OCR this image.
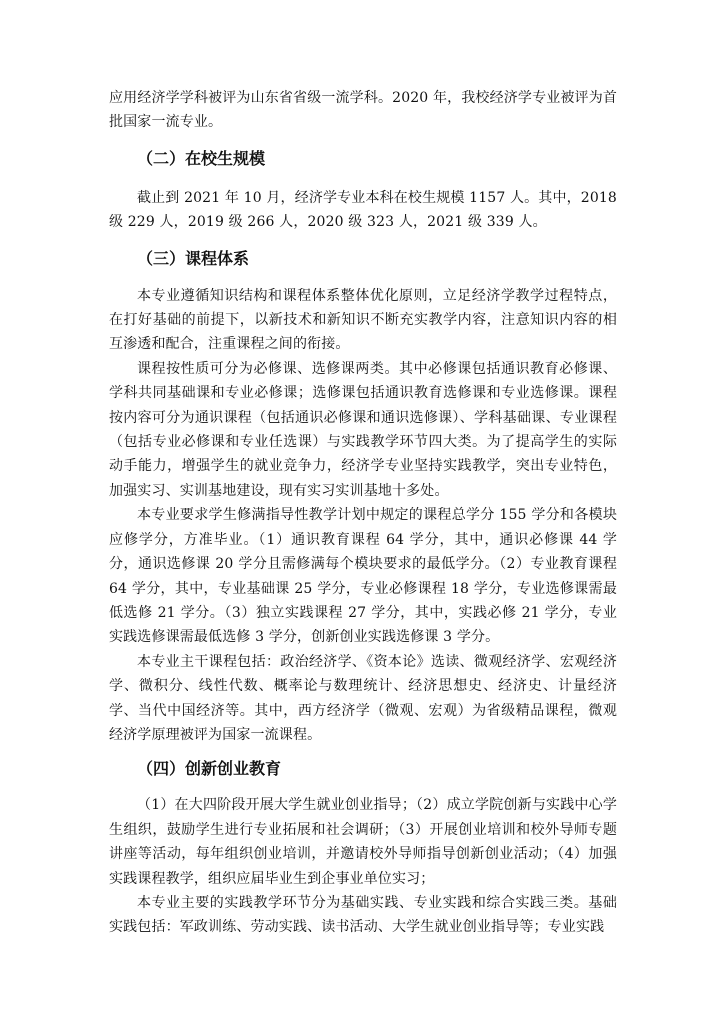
应用经济学学科被评为山东省省级一流学科。2020 年，我校经济学专业被评为首批国家一流专业。

（二）在校生规模

截止到 2021 年 10 月，经济学专业本科在校生规模 1157 人。其中，2018 级 229 人，2019 级 266 人，2020 级 323 人，2021 级 339 人。

（三）课程体系

本专业遵循知识结构和课程体系整体优化原则，立足经济学教学过程特点，在打好基础的前提下，以新技术和新知识不断充实教学内容，注意知识内容的相互渗透和配合，注重课程之间的衔接。

课程按性质可分为必修课、选修课两类。其中必修课包括通识教育必修课、学科共同基础课和专业必修课；选修课包括通识教育选修课和专业选修课。课程按内容可分为通识课程（包括通识必修课和通识选修课）、学科基础课、专业课程（包括专业必修课和专业任选课）与实践教学环节四大类。为了提高学生的实际动手能力，增强学生的就业竞争力，经济学专业坚持实践教学，突出专业特色，加强实习、实训基地建设，现有实习实训基地十多处。

本专业要求学生修满指导性教学计划中规定的课程总学分 155 学分和各模块应修学分，方准毕业。（1）通识教育课程 64 学分，其中，通识必修课 44 学分，通识选修课 20 学分且需修满每个模块要求的最低学分。（2）专业教育课程 64 学分，其中，专业基础课 25 学分，专业必修课程 18 学分，专业选修课需最低选修 21 学分。（3）独立实践课程 27 学分，其中，实践必修 21 学分，专业实践选修课需最低选修 3 学分，创新创业实践选修课 3 学分。

本专业主干课程包括：政治经济学、《资本论》选读、微观经济学、宏观经济学、微积分、线性代数、概率论与数理统计、经济思想史、经济史、计量经济学、当代中国经济等。其中，西方经济学（微观、宏观）为省级精品课程，微观经济学原理被评为国家一流课程。

（四）创新创业教育

（1）在大四阶段开展大学生就业创业指导；（2）成立学院创新与实践中心学生组织，鼓励学生进行专业拓展和社会调研；（3）开展创业培训和校外导师专题讲座等活动，每年组织创业培训，并邀请校外导师指导创新创业活动；（4）加强实践课程教学，组织应届毕业生到企事业单位实习；

本专业主要的实践教学环节分为基础实践、专业实践和综合实践三类。基础实践包括：军政训练、劳动实践、读书活动、大学生就业创业指导等；专业实践
